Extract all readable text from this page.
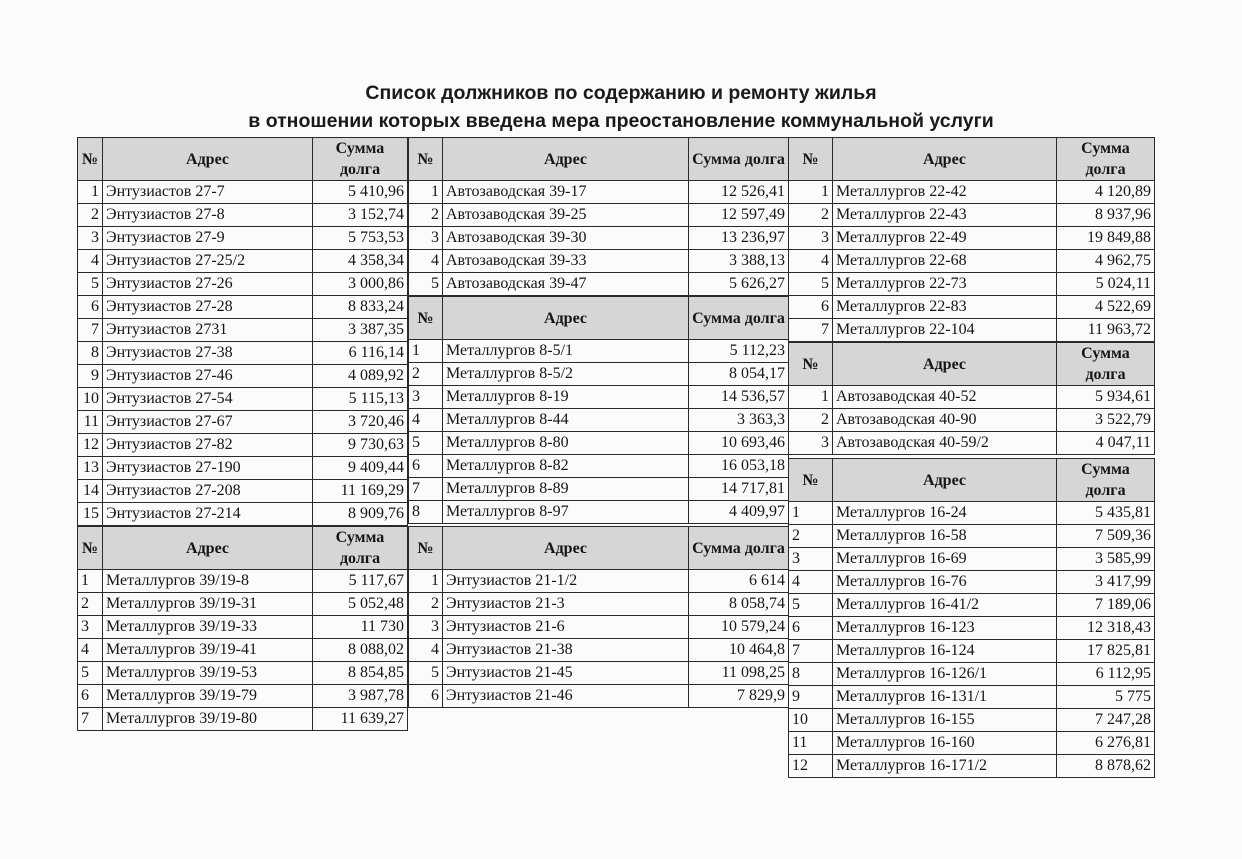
Список должников по содержанию и ремонту жилья
в отношении которых введена мера преостановление коммунальной услуги
№	Адрес	Сумма долга
1	Энтузиастов 27-7	5 410,96
2	Энтузиастов 27-8	3 152,74
3	Энтузиастов 27-9	5 753,53
4	Энтузиастов 27-25/2	4 358,34
5	Энтузиастов 27-26	3 000,86
6	Энтузиастов 27-28	8 833,24
7	Энтузиастов 2731	3 387,35
8	Энтузиастов 27-38	6 116,14
9	Энтузиастов 27-46	4 089,92
10	Энтузиастов 27-54	5 115,13
11	Энтузиастов 27-67	3 720,46
12	Энтузиастов 27-82	9 730,63
13	Энтузиастов 27-190	9 409,44
14	Энтузиастов 27-208	11 169,29
15	Энтузиастов 27-214	8 909,76
№	Адрес	Сумма долга
1	Металлургов 39/19-8	5 117,67
2	Металлургов 39/19-31	5 052,48
3	Металлургов 39/19-33	11 730
4	Металлургов 39/19-41	8 088,02
5	Металлургов 39/19-53	8 854,85
6	Металлургов 39/19-79	3 987,78
7	Металлургов 39/19-80	11 639,27
№	Адрес	Сумма долга
1	Автозаводская 39-17	12 526,41
2	Автозаводская 39-25	12 597,49
3	Автозаводская 39-30	13 236,97
4	Автозаводская 39-33	3 388,13
5	Автозаводская 39-47	5 626,27
№	Адрес	Сумма долга
1	Металлургов 8-5/1	5 112,23
2	Металлургов 8-5/2	8 054,17
3	Металлургов 8-19	14 536,57
4	Металлургов 8-44	3 363,3
5	Металлургов 8-80	10 693,46
6	Металлургов 8-82	16 053,18
7	Металлургов 8-89	14 717,81
8	Металлургов 8-97	4 409,97
№	Адрес	Сумма долга
1	Энтузиастов 21-1/2	6 614
2	Энтузиастов 21-3	8 058,74
3	Энтузиастов 21-6	10 579,24
4	Энтузиастов 21-38	10 464,8
5	Энтузиастов 21-45	11 098,25
6	Энтузиастов 21-46	7 829,9
№	Адрес	Сумма долга
1	Металлургов 22-42	4 120,89
2	Металлургов 22-43	8 937,96
3	Металлургов 22-49	19 849,88
4	Металлургов 22-68	4 962,75
5	Металлургов 22-73	5 024,11
6	Металлургов 22-83	4 522,69
7	Металлургов 22-104	11 963,72
№	Адрес	Сумма долга
1	Автозаводская 40-52	5 934,61
2	Автозаводская 40-90	3 522,79
3	Автозаводская 40-59/2	4 047,11
№	Адрес	Сумма долга
1	Металлургов 16-24	5 435,81
2	Металлургов 16-58	7 509,36
3	Металлургов 16-69	3 585,99
4	Металлургов 16-76	3 417,99
5	Металлургов 16-41/2	7 189,06
6	Металлургов 16-123	12 318,43
7	Металлургов 16-124	17 825,81
8	Металлургов 16-126/1	6 112,95
9	Металлургов 16-131/1	5 775
10	Металлургов 16-155	7 247,28
11	Металлургов 16-160	6 276,81
12	Металлургов 16-171/2	8 878,62
